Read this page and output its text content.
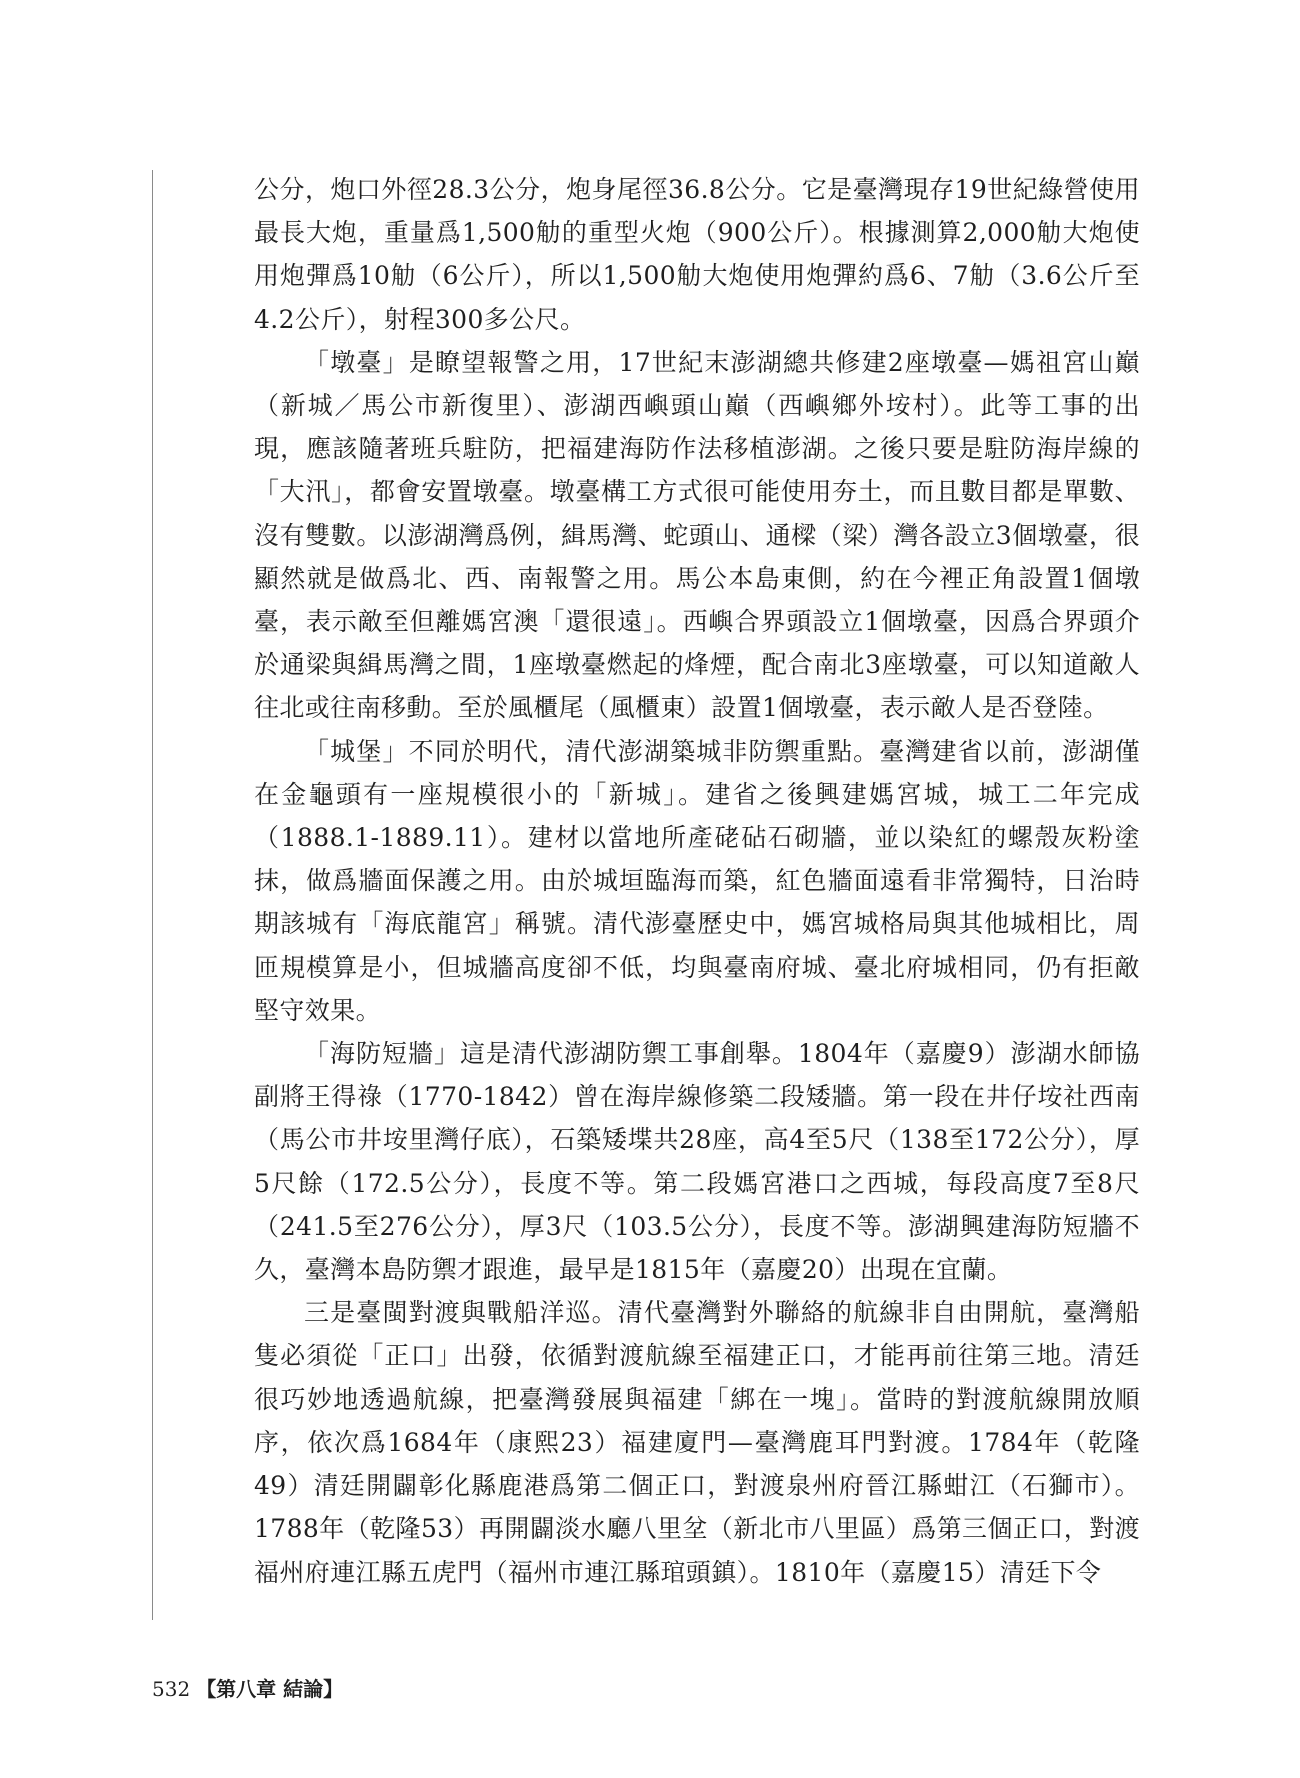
公分，炮口外徑28.3公分，炮身尾徑36.8公分。它是臺灣現存19世紀綠營使用最長大炮，重量爲1,500觔的重型火炮（900公斤）。根據測算2,000觔大炮使用炮彈爲10觔（6公斤），所以1,500觔大炮使用炮彈約爲6、7觔（3.6公斤至4.2公斤），射程300多公尺。

「墩臺」是瞭望報警之用，17世紀末澎湖總共修建2座墩臺—媽祖宮山巔（新城／馬公市新復里）、澎湖西嶼頭山巔（西嶼鄉外垵村）。此等工事的出現，應該隨著班兵駐防，把福建海防作法移植澎湖。之後只要是駐防海岸線的「大汛」，都會安置墩臺。墩臺構工方式很可能使用夯土，而且數目都是單數、沒有雙數。以澎湖灣爲例，緝馬灣、蛇頭山、通樑（梁）灣各設立3個墩臺，很顯然就是做爲北、西、南報警之用。馬公本島東側，約在今裡正角設置1個墩臺，表示敵至但離媽宮澳「還很遠」。西嶼合界頭設立1個墩臺，因爲合界頭介於通梁與緝馬灣之間，1座墩臺燃起的烽煙，配合南北3座墩臺，可以知道敵人往北或往南移動。至於風櫃尾（風櫃東）設置1個墩臺，表示敵人是否登陸。

「城堡」不同於明代，清代澎湖築城非防禦重點。臺灣建省以前，澎湖僅在金龜頭有一座規模很小的「新城」。建省之後興建媽宮城，城工二年完成（1888.1-1889.11）。建材以當地所產硓砧石砌牆，並以染紅的螺殼灰粉塗抹，做爲牆面保護之用。由於城垣臨海而築，紅色牆面遠看非常獨特，日治時期該城有「海底龍宮」稱號。清代澎臺歷史中，媽宮城格局與其他城相比，周匝規模算是小，但城牆高度卻不低，均與臺南府城、臺北府城相同，仍有拒敵堅守效果。

「海防短牆」這是清代澎湖防禦工事創舉。1804年（嘉慶9）澎湖水師協副將王得祿（1770-1842）曾在海岸線修築二段矮牆。第一段在井仔垵社西南（馬公市井垵里灣仔底），石築矮堞共28座，高4至5尺（138至172公分），厚5尺餘（172.5公分），長度不等。第二段媽宮港口之西城，每段高度7至8尺（241.5至276公分），厚3尺（103.5公分），長度不等。澎湖興建海防短牆不久，臺灣本島防禦才跟進，最早是1815年（嘉慶20）出現在宜蘭。

三是臺閩對渡與戰船洋巡。清代臺灣對外聯絡的航線非自由開航，臺灣船隻必須從「正口」出發，依循對渡航線至福建正口，才能再前往第三地。清廷很巧妙地透過航線，把臺灣發展與福建「綁在一塊」。當時的對渡航線開放順序，依次爲1684年（康熙23）福建廈門—臺灣鹿耳門對渡。1784年（乾隆49）清廷開闢彰化縣鹿港爲第二個正口，對渡泉州府晉江縣蚶江（石獅市）。1788年（乾隆53）再開闢淡水廳八里坌（新北市八里區）爲第三個正口，對渡福州府連江縣五虎門（福州市連江縣琯頭鎮）。1810年（嘉慶15）清廷下令

532 【第八章 結論】
